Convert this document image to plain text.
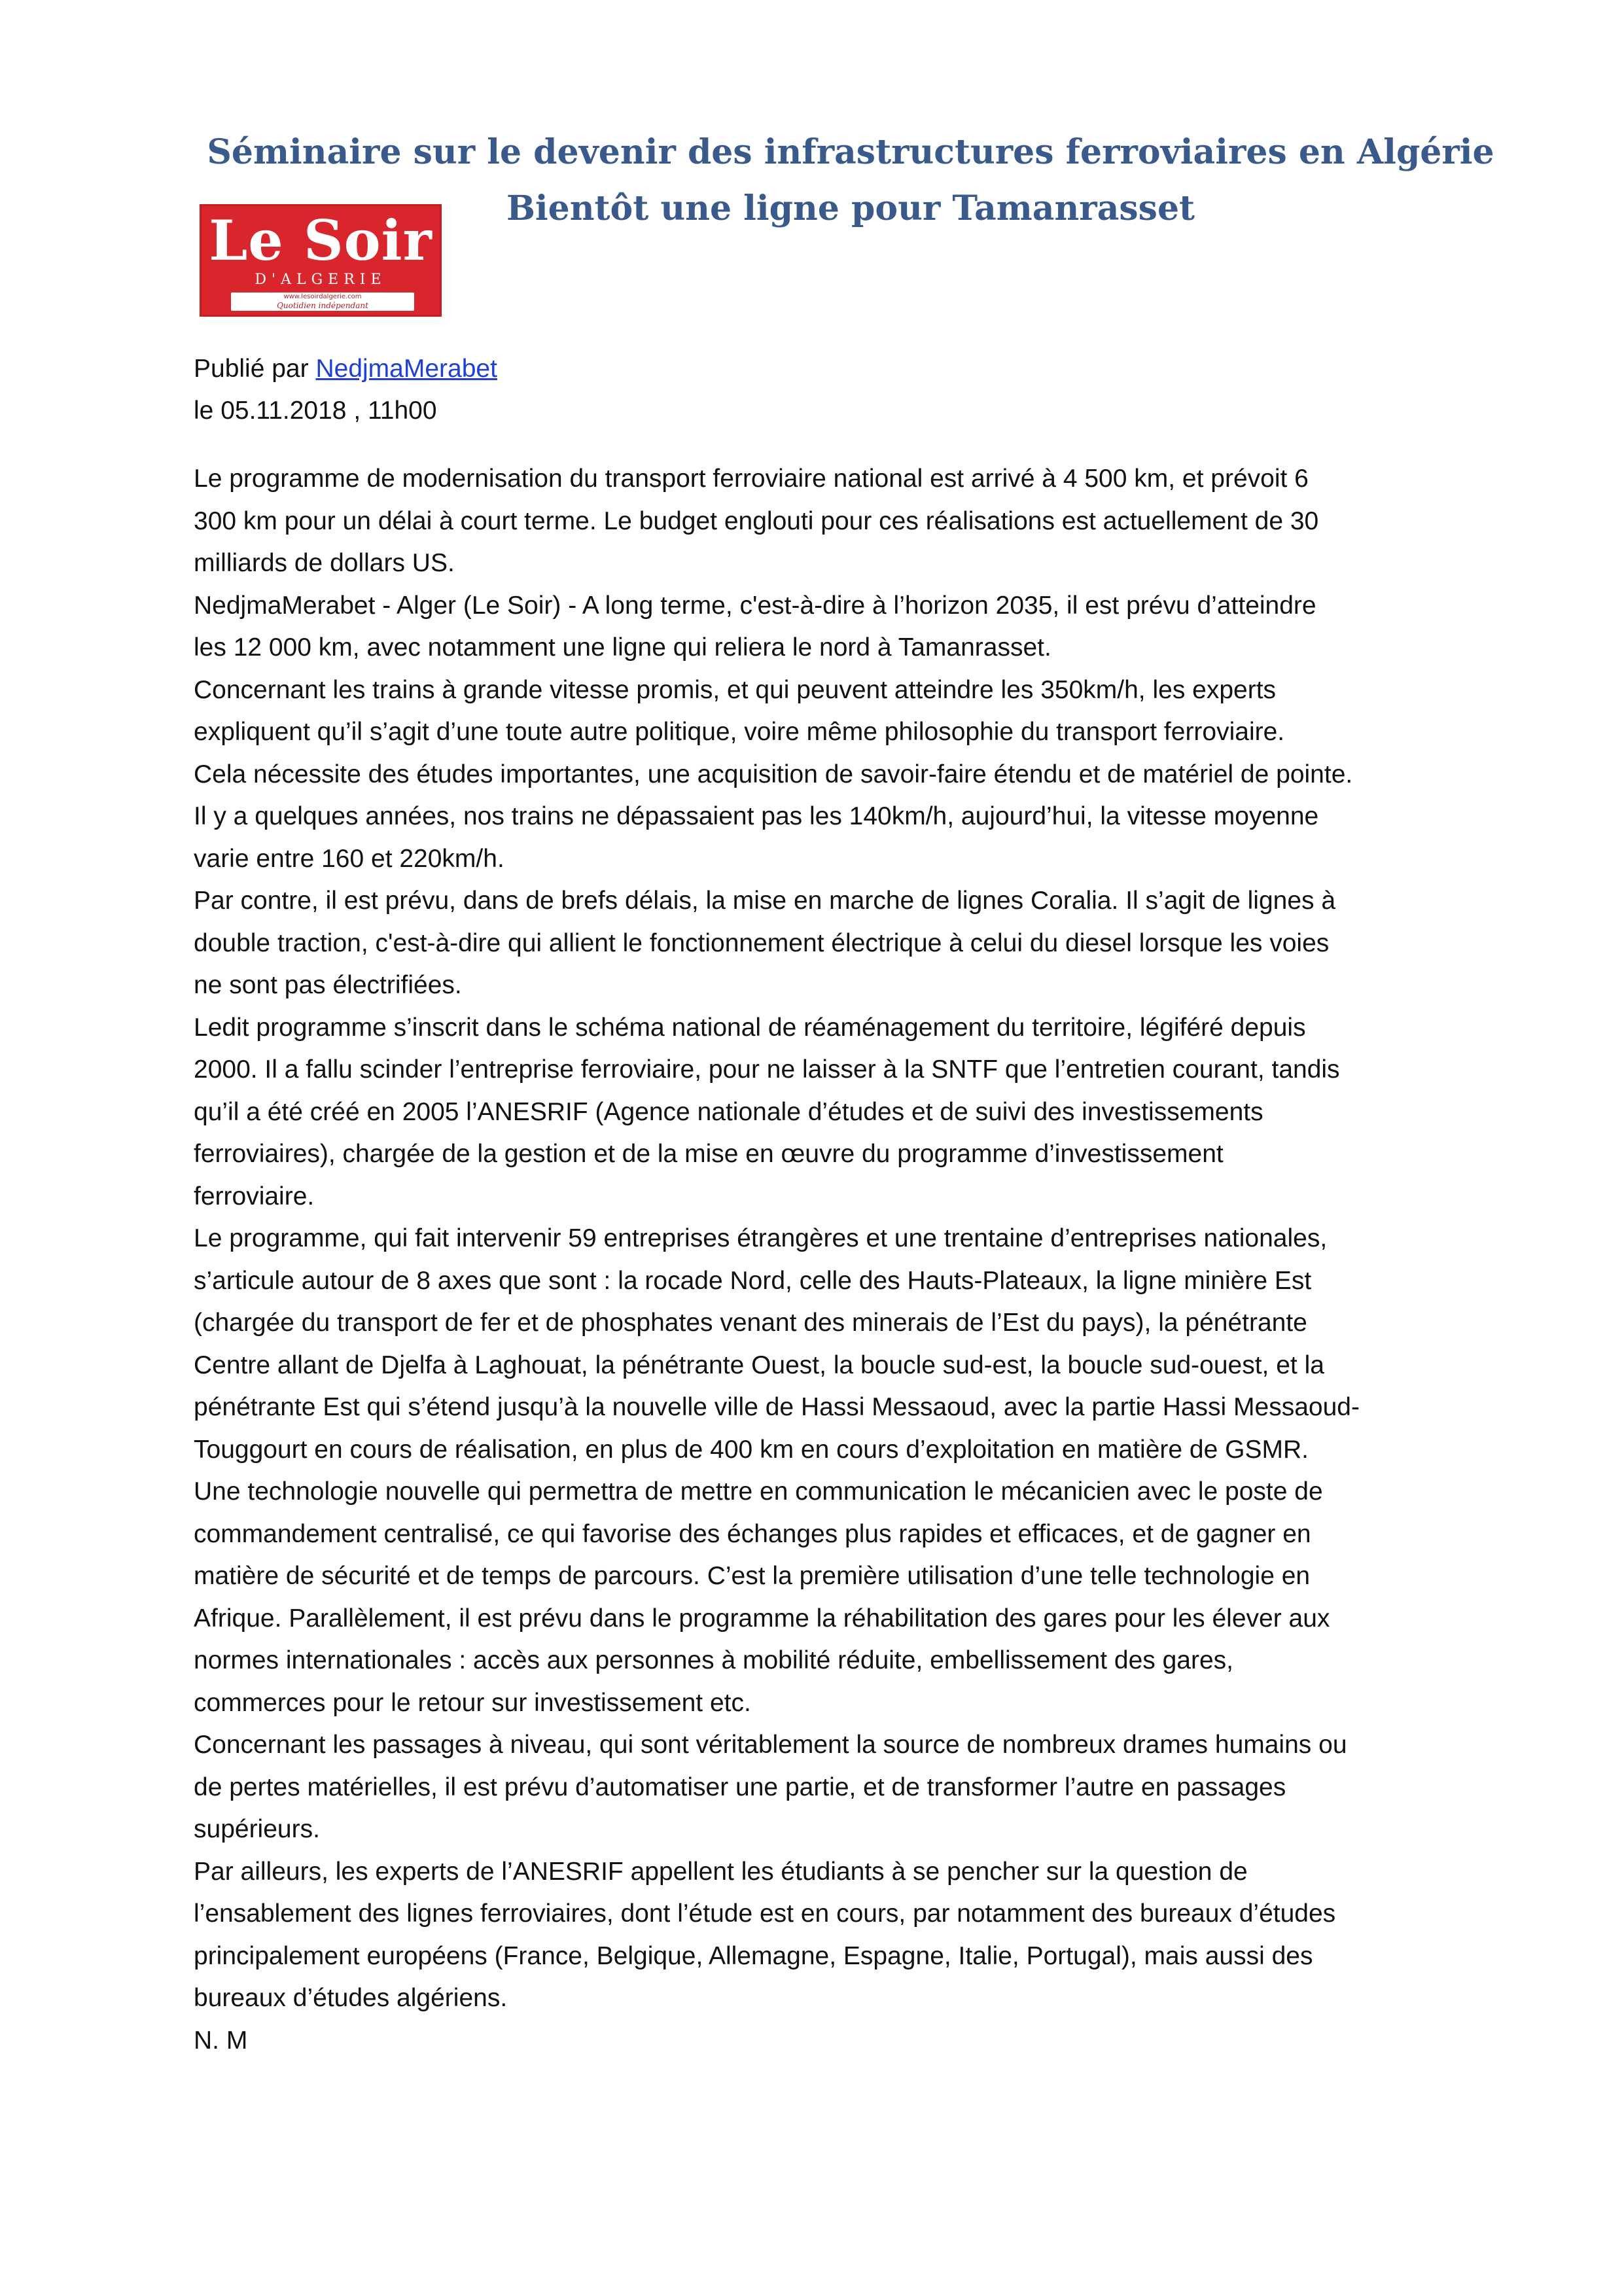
Séminaire sur le devenir des infrastructures ferroviaires en Algérie
Bientôt une ligne pour Tamanrasset
Le Soir
D'ALGERIE
www.lesoirdalgerie.com
Quotidien indépendant
Publié par NedjmaMerabet
le 05.11.2018 , 11h00

Le programme de modernisation du transport ferroviaire national est arrivé à 4 500 km, et prévoit 6
300 km pour un délai à court terme. Le budget englouti pour ces réalisations est actuellement de 30
milliards de dollars US.

NedjmaMerabet - Alger (Le Soir) - A long terme, c'est-à-dire à l’horizon 2035, il est prévu d’atteindre
les 12 000 km, avec notamment une ligne qui reliera le nord à Tamanrasset.

Concernant les trains à grande vitesse promis, et qui peuvent atteindre les 350km/h, les experts
expliquent qu’il s’agit d’une toute autre politique, voire même philosophie du transport ferroviaire.
Cela nécessite des études importantes, une acquisition de savoir-faire étendu et de matériel de pointe.
Il y a quelques années, nos trains ne dépassaient pas les 140km/h, aujourd’hui, la vitesse moyenne
varie entre 160 et 220km/h.

Par contre, il est prévu, dans de brefs délais, la mise en marche de lignes Coralia. Il s’agit de lignes à
double traction, c'est-à-dire qui allient le fonctionnement électrique à celui du diesel lorsque les voies
ne sont pas électrifiées.

Ledit programme s’inscrit dans le schéma national de réaménagement du territoire, légiféré depuis
2000. Il a fallu scinder l’entreprise ferroviaire, pour ne laisser à la SNTF que l’entretien courant, tandis
qu’il a été créé en 2005 l’ANESRIF (Agence nationale d’études et de suivi des investissements
ferroviaires), chargée de la gestion et de la mise en œuvre du programme d’investissement
ferroviaire.

Le programme, qui fait intervenir 59 entreprises étrangères et une trentaine d’entreprises nationales,
s’articule autour de 8 axes que sont : la rocade Nord, celle des Hauts-Plateaux, la ligne minière Est
(chargée du transport de fer et de phosphates venant des minerais de l’Est du pays), la pénétrante
Centre allant de Djelfa à Laghouat, la pénétrante Ouest, la boucle sud-est, la boucle sud-ouest, et la
pénétrante Est qui s’étend jusqu’à la nouvelle ville de Hassi Messaoud, avec la partie Hassi Messaoud-
Touggourt en cours de réalisation, en plus de 400 km en cours d’exploitation en matière de GSMR.

Une technologie nouvelle qui permettra de mettre en communication le mécanicien avec le poste de
commandement centralisé, ce qui favorise des échanges plus rapides et efficaces, et de gagner en
matière de sécurité et de temps de parcours. C’est la première utilisation d’une telle technologie en
Afrique. Parallèlement, il est prévu dans le programme la réhabilitation des gares pour les élever aux
normes internationales : accès aux personnes à mobilité réduite, embellissement des gares,
commerces pour le retour sur investissement etc.

Concernant les passages à niveau, qui sont véritablement la source de nombreux drames humains ou
de pertes matérielles, il est prévu d’automatiser une partie, et de transformer l’autre en passages
supérieurs.

Par ailleurs, les experts de l’ANESRIF appellent les étudiants à se pencher sur la question de
l’ensablement des lignes ferroviaires, dont l’étude est en cours, par notamment des bureaux d’études
principalement européens (France, Belgique, Allemagne, Espagne, Italie, Portugal), mais aussi des
bureaux d’études algériens.

N. M
